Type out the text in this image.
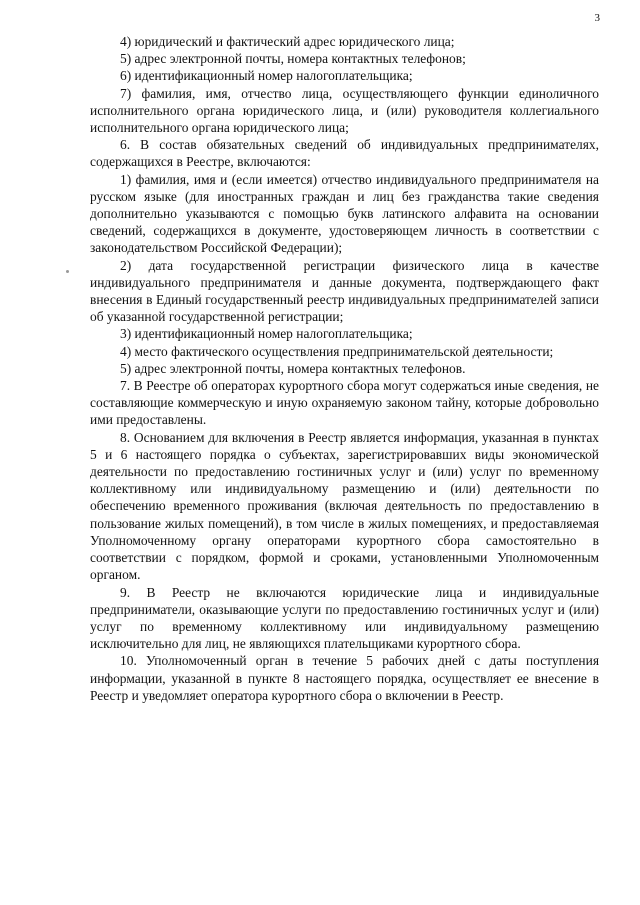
3

4) юридический и фактический адрес юридического лица;

5) адрес электронной почты, номера контактных телефонов;

6) идентификационный номер налогоплательщика;

7) фамилия, имя, отчество лица, осуществляющего функции единоличного исполнительного органа юридического лица, и (или) руководителя коллегиального исполнительного органа юридического лица;

6. В состав обязательных сведений об индивидуальных предпринимателях, содержащихся в Реестре, включаются:

1) фамилия, имя и (если имеется) отчество индивидуального предпринимателя на русском языке (для иностранных граждан и лиц без гражданства такие сведения дополнительно указываются с помощью букв латинского алфавита на основании сведений, содержащихся в документе, удостоверяющем личность в соответствии с законодательством Российской Федерации);

2) дата государственной регистрации физического лица в качестве индивидуального предпринимателя и данные документа, подтверждающего факт внесения в Единый государственный реестр индивидуальных предпринимателей записи об указанной государственной регистрации;

3) идентификационный номер налогоплательщика;

4) место фактического осуществления предпринимательской деятельности;

5) адрес электронной почты, номера контактных телефонов.

7. В Реестре об операторах курортного сбора могут содержаться иные сведения, не составляющие коммерческую и иную охраняемую законом тайну, которые добровольно ими предоставлены.

8. Основанием для включения в Реестр является информация, указанная в пунктах 5 и 6 настоящего порядка о субъектах, зарегистрировавших виды экономической деятельности по предоставлению гостиничных услуг и (или) услуг по временному коллективному или индивидуальному размещению и (или) деятельности по обеспечению временного проживания (включая деятельность по предоставлению в пользование жилых помещений), в том числе в жилых помещениях, и предоставляемая Уполномоченному органу операторами курортного сбора самостоятельно в соответствии с порядком, формой и сроками, установленными Уполномоченным органом.

9. В Реестр не включаются юридические лица и индивидуальные предприниматели, оказывающие услуги по предоставлению гостиничных услуг и (или) услуг по временному коллективному или индивидуальному размещению исключительно для лиц, не являющихся плательщиками курортного сбора.

10. Уполномоченный орган в течение 5 рабочих дней с даты поступления информации, указанной в пункте 8 настоящего порядка, осуществляет ее внесение в Реестр и уведомляет оператора курортного сбора о включении в Реестр.
